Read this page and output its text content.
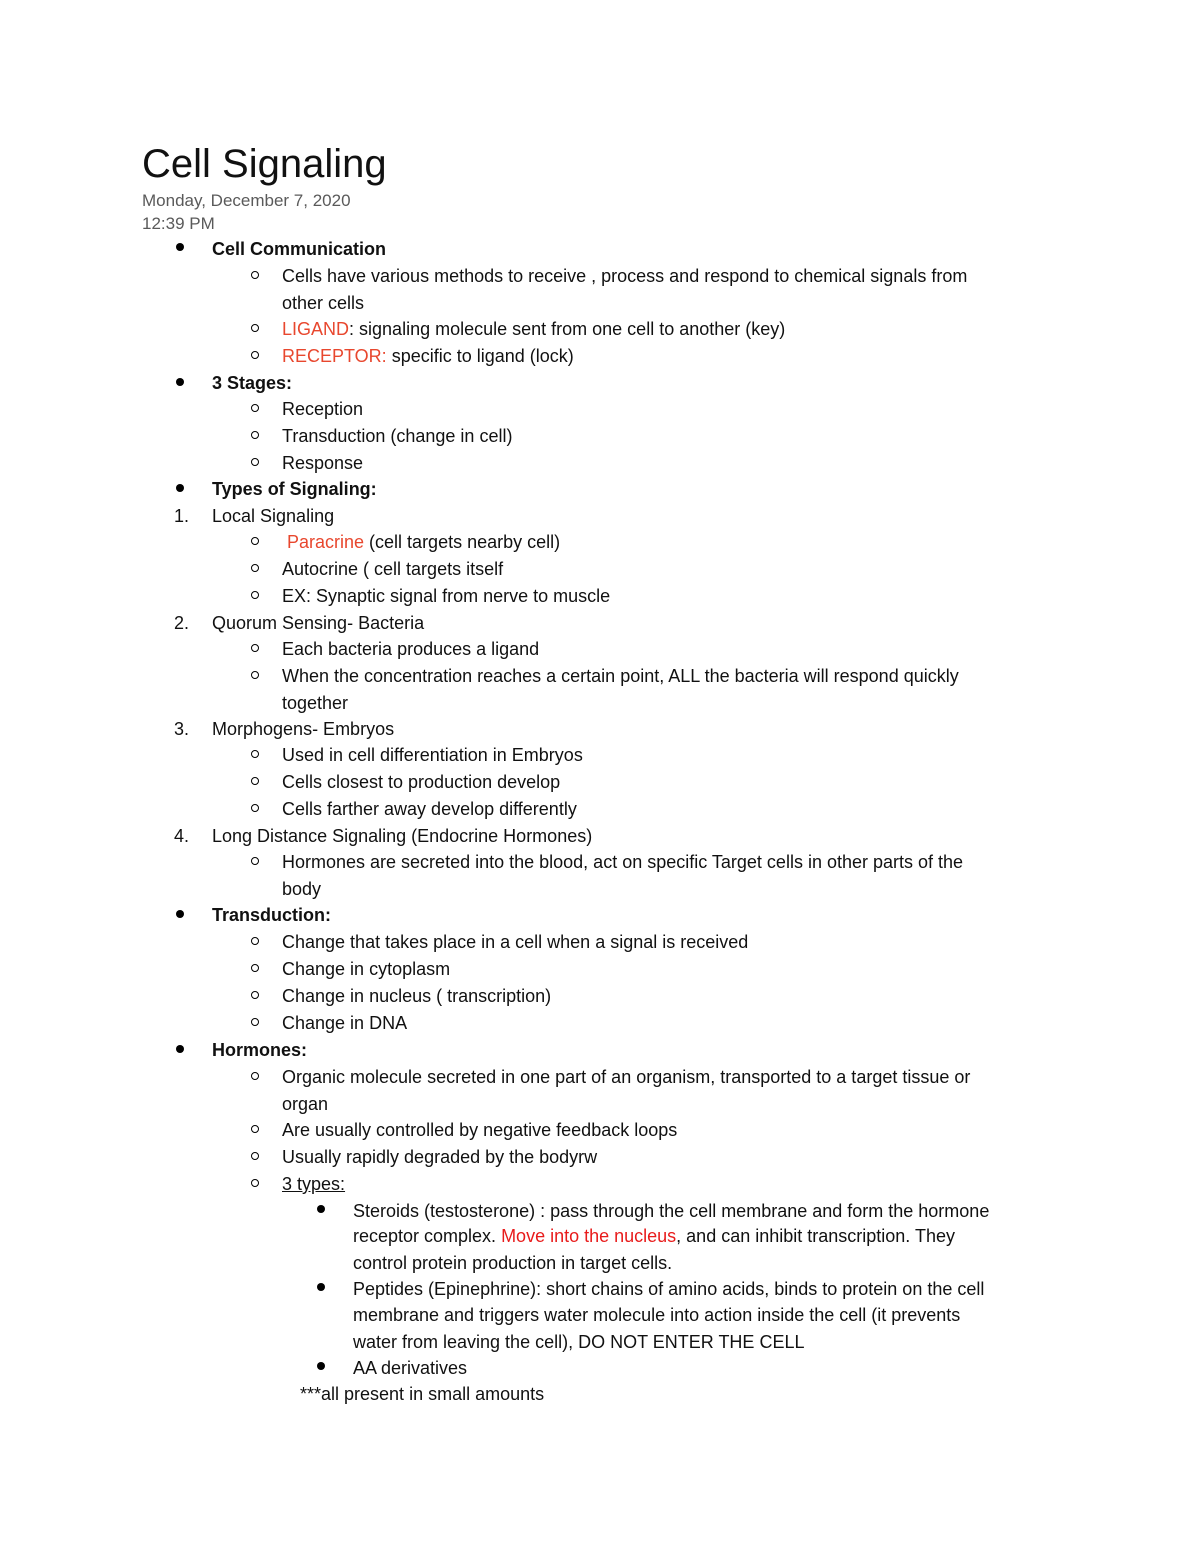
Cell Signaling
Monday, December 7, 2020
12:39 PM
Cell Communication
Cells have various methods to receive , process and respond to chemical signals from
other cells
LIGAND: signaling molecule sent from one cell to another (key)
RECEPTOR: specific to ligand (lock)
3 Stages:
Reception
Transduction (change in cell)
Response
Types of Signaling:
1. Local Signaling
Paracrine (cell targets nearby cell)
Autocrine ( cell targets itself
EX: Synaptic signal from nerve to muscle
2. Quorum Sensing- Bacteria
Each bacteria produces a ligand
When the concentration reaches a certain point, ALL the bacteria will respond quickly
together
3. Morphogens- Embryos
Used in cell differentiation in Embryos
Cells closest to production develop
Cells farther away develop differently
4. Long Distance Signaling (Endocrine Hormones)
Hormones are secreted into the blood, act on specific Target cells in other parts of the
body
Transduction:
Change that takes place in a cell when a signal is received
Change in cytoplasm
Change in nucleus ( transcription)
Change in DNA
Hormones:
Organic molecule secreted in one part of an organism, transported to a target tissue or
organ
Are usually controlled by negative feedback loops
Usually rapidly degraded by the bodyrw
3 types:
Steroids (testosterone) : pass through the cell membrane and form the hormone
receptor complex. Move into the nucleus, and can inhibit transcription. They
control protein production in target cells.
Peptides (Epinephrine): short chains of amino acids, binds to protein on the cell
membrane and triggers water molecule into action inside the cell (it prevents
water from leaving the cell), DO NOT ENTER THE CELL
AA derivatives
***all present in small amounts
